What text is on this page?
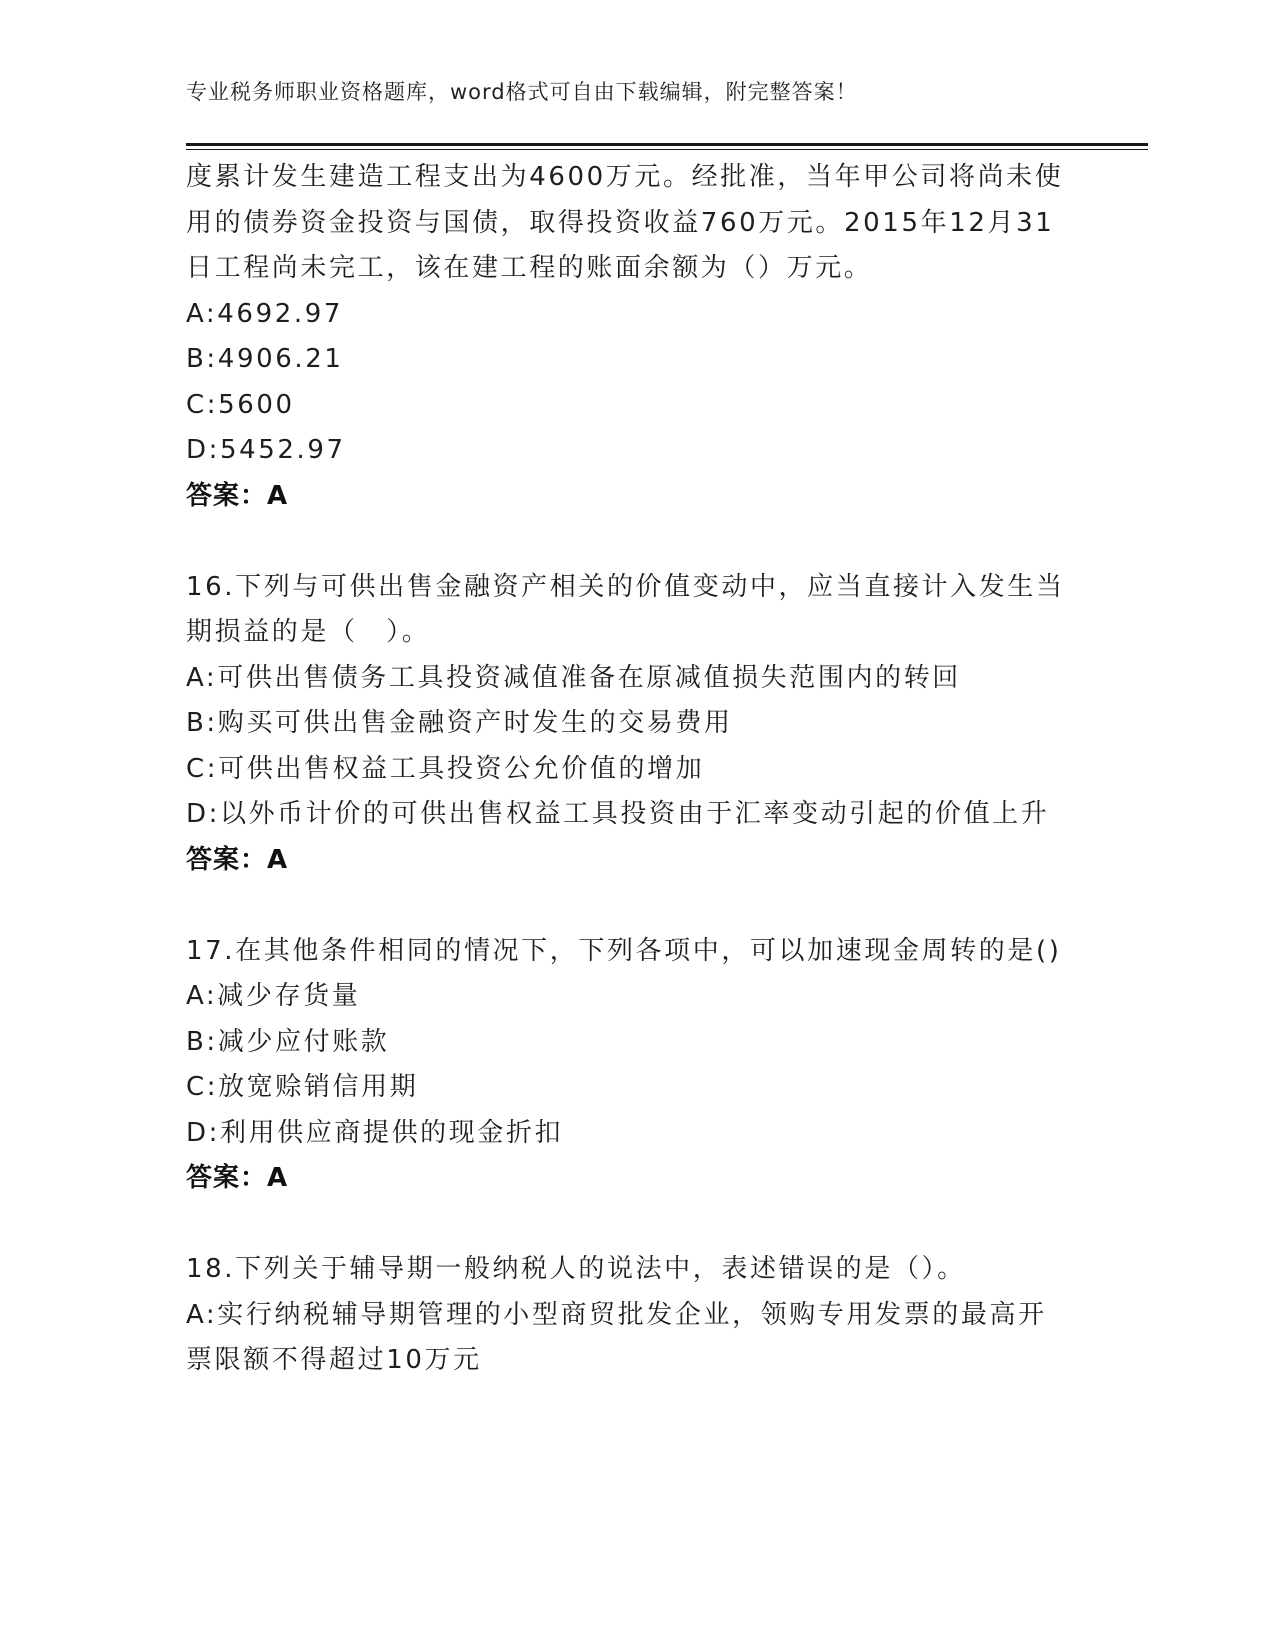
专业税务师职业资格题库，word格式可自由下载编辑，附完整答案！
度累计发生建造工程支出为4600万元。经批准，当年甲公司将尚未使
用的债券资金投资与国债，取得投资收益760万元。2015年12月31
日工程尚未完工，该在建工程的账面余额为（）万元。
A:4692.97
B:4906.21
C:5600
D:5452.97
答案：A
16.下列与可供出售金融资产相关的价值变动中，应当直接计入发生当
期损益的是（　）。
A:可供出售债务工具投资减值准备在原减值损失范围内的转回
B:购买可供出售金融资产时发生的交易费用
C:可供出售权益工具投资公允价值的增加
D:以外币计价的可供出售权益工具投资由于汇率变动引起的价值上升
答案：A
17.在其他条件相同的情况下，下列各项中，可以加速现金周转的是()
A:减少存货量
B:减少应付账款
C:放宽赊销信用期
D:利用供应商提供的现金折扣
答案：A
18.下列关于辅导期一般纳税人的说法中，表述错误的是（）。
A:实行纳税辅导期管理的小型商贸批发企业，领购专用发票的最高开
票限额不得超过10万元
